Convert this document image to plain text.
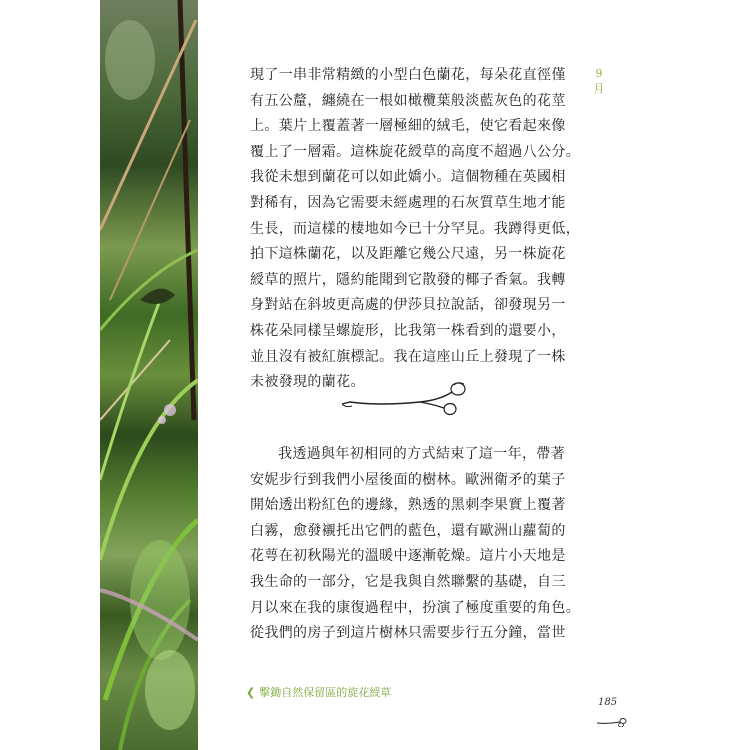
9
月
現了一串非常精緻的小型白色蘭花，每朵花直徑僅
有五公釐，纏繞在一根如橄欖葉般淡藍灰色的花莖
上。葉片上覆蓋著一層極細的絨毛，使它看起來像
覆上了一層霜。這株旋花綬草的高度不超過八公分。
我從未想到蘭花可以如此嬌小。這個物種在英國相
對稀有，因為它需要未經處理的石灰質草生地才能
生長，而這樣的棲地如今已十分罕見。我蹲得更低，
拍下這株蘭花，以及距離它幾公尺遠，另一株旋花
綬草的照片，隱約能聞到它散發的椰子香氣。我轉
身對站在斜坡更高處的伊莎貝拉說話，卻發現另一
株花朵同樣呈螺旋形，比我第一株看到的還要小，
並且沒有被紅旗標記。我在這座山丘上發現了一株
未被發現的蘭花。
我透過與年初相同的方式結束了這一年，帶著
安妮步行到我們小屋後面的樹林。歐洲衛矛的葉子
開始透出粉紅色的邊緣，熟透的黑刺李果實上覆著
白霧，愈發襯托出它們的藍色，還有歐洲山蘿蔔的
花萼在初秋陽光的溫暖中逐漸乾燥。這片小天地是
我生命的一部分，它是我與自然聯繫的基礎，自三
月以來在我的康復過程中，扮演了極度重要的角色。
從我們的房子到這片樹林只需要步行五分鐘，當世
❮ 擊鋤自然保留區的旋花綬草
185
